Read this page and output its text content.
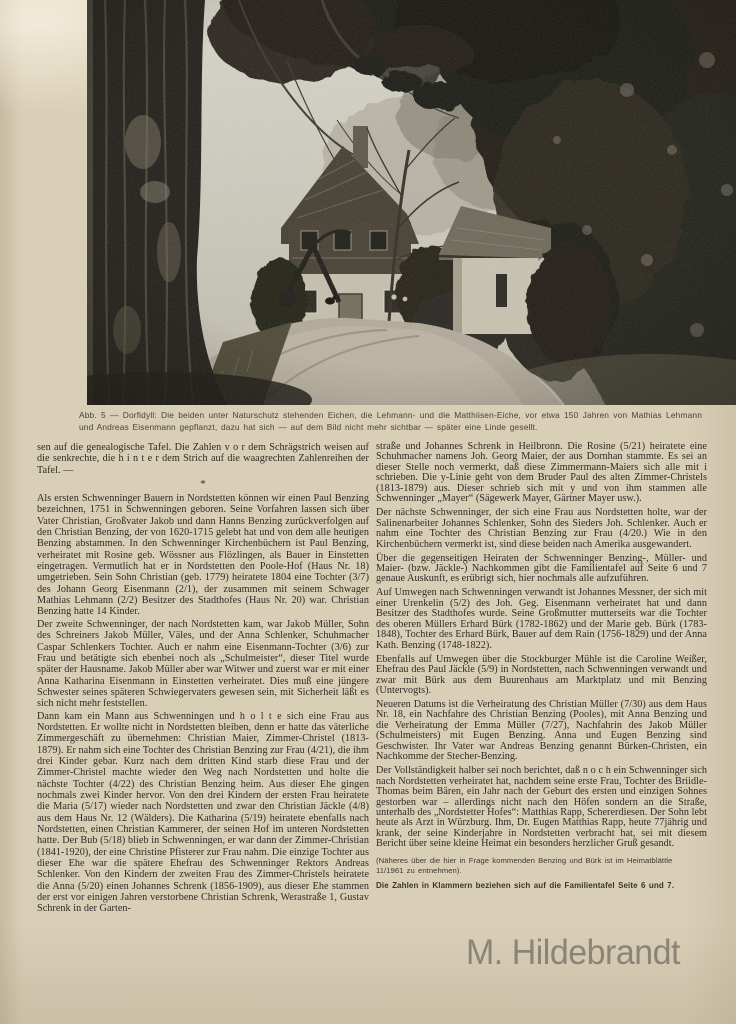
Abb. 5 — Dorfidyll: Die beiden unter Naturschutz stehenden Eichen, die Lehmann- und die Matthiisen-Eiche, vor etwa 150 Jahren von Mathias Lehmann und Andreas Eisenmann gepflanzt, dazu hat sich — auf dem Bild nicht mehr sichtbar — später eine Linde gesellt.

sen auf die genealogische Tafel. Die Zahlen v o r dem Schrägstrich weisen auf die senkrechte, die h i n t e r dem Strich auf die waagrechten Zahlenreihen der Tafel. —

*

Als ersten Schwenninger Bauern in Nordstetten können wir einen Paul Benzing bezeichnen, 1751 in Schwenningen geboren. Seine Vorfahren lassen sich über Vater Christian, Großvater Jakob und dann Hanns Benzing zurückverfolgen auf den Christian Benzing, der von 1620-1715 gelebt hat und von dem alle heutigen Benzing abstammen. In den Schwenninger Kirchenbüchern ist Paul Benzing, verheiratet mit Rosine geb. Wössner aus Flözlingen, als Bauer in Einstetten eingetragen. Vermutlich hat er in Nordstetten den Poole-Hof (Haus Nr. 18) umgetrieben. Sein Sohn Christian (geb. 1779) heiratete 1804 eine Tochter (3/7) des Johann Georg Eisenmann (2/1), der zusammen mit seinem Schwager Mathias Lehmann (2/2) Besitzer des Stadthofes (Haus Nr. 20) war. Christian Benzing hatte 14 Kinder.

Der zweite Schwenninger, der nach Nordstetten kam, war Jakob Müller, Sohn des Schreiners Jakob Müller, Väles, und der Anna Schlenker, Schuhmacher Caspar Schlenkers Tochter. Auch er nahm eine Eisenmann-Tochter (3/6) zur Frau und betätigte sich ebenbei noch als „Schulmeister“, dieser Titel wurde später der Hausname. Jakob Müller aber war Witwer und zuerst war er mit einer Anna Katharina Eisenmann in Einstetten verheiratet. Dies muß eine jüngere Schwester seines späteren Schwiegervaters gewesen sein, mit Sicherheit läßt es sich nicht mehr feststellen.

Dann kam ein Mann aus Schwenningen und h o l t e sich eine Frau aus Nordstetten. Er wollte nicht in Nordstetten bleiben, denn er hatte das väterliche Zimmergeschäft zu übernehmen: Christian Maier, Zimmer-Christel (1813-1879). Er nahm sich eine Tochter des Christian Benzing zur Frau (4/21), die ihm drei Kinder gebar. Kurz nach dem dritten Kind starb diese Frau und der Zimmer-Christel machte wieder den Weg nach Nordstetten und holte die nächste Tochter (4/22) des Christian Benzing heim. Aus dieser Ehe gingen nochmals zwei Kinder hervor. Von den drei Kindern der ersten Frau heiratete die Maria (5/17) wieder nach Nordstetten und zwar den Christian Jäckle (4/8) aus dem Haus Nr. 12 (Wälders). Die Katharina (5/19) heiratete ebenfalls nach Nordstetten, einen Christian Kammerer, der seinen Hof im unteren Nordstetten hatte. Der Bub (5/18) blieb in Schwenningen, er war dann der Zimmer-Christian (1841-1920), der eine Christine Pfisterer zur Frau nahm. Die einzige Tochter aus dieser Ehe war die spätere Ehefrau des Schwenninger Rektors Andreas Schlenker. Von den Kindern der zweiten Frau des Zimmer-Christels heiratete die Anna (5/20) einen Johannes Schrenk (1856-1909), aus dieser Ehe stammen der erst vor einigen Jahren verstorbene Christian Schrenk, Werastraße 1, Gustav Schrenk in der Garten-

straße und Johannes Schrenk in Heilbronn. Die Rosine (5/21) heiratete eine Schuhmacher namens Joh. Georg Maier, der aus Dornhan stammte. Es sei an dieser Stelle noch vermerkt, daß diese Zimmermann-Maiers sich alle mit i schrieben. Die y-Linie geht von dem Bruder Paul des alten Zimmer-Christels (1813-1879) aus. Dieser schrieb sich mit y und von ihm stammen alle Schwenninger „Mayer“ (Sägewerk Mayer, Gärtner Mayer usw.).

Der nächste Schwenninger, der sich eine Frau aus Nordstetten holte, war der Salinenarbeiter Johannes Schlenker, Sohn des Sieders Joh. Schlenker. Auch er nahm eine Tochter des Christian Benzing zur Frau (4/20.) Wie in den Kirchenbüchern vermerkt ist, sind diese beiden nach Amerika ausgewandert.

Über die gegenseitigen Heiraten der Schwenninger Benzing-, Müller- und Maier- (bzw. Jäckle-) Nachkommen gibt die Familientafel auf Seite 6 und 7 genaue Auskunft, es erübrigt sich, hier nochmals alle aufzuführen.

Auf Umwegen nach Schwenningen verwandt ist Johannes Messner, der sich mit einer Urenkelin (5/2) des Joh. Geg. Eisenmann verheiratet hat und dann Besitzer des Stadthofes wurde. Seine Großmutter mutterseits war die Tochter des oberen Müllers Erhard Bürk (1782-1862) und der Marie geb. Bürk (1783-1848), Tochter des Erhard Bürk, Bauer auf dem Rain (1756-1829) und der Anna Kath. Benzing (1748-1822).

Ebenfalls auf Umwegen über die Stockburger Mühle ist die Caroline Weißer, Ehefrau des Paul Jäckle (5/9) in Nordstetten, nach Schwenningen verwandt und zwar mit Bürk aus dem Buurenhaus am Marktplatz und mit Benzing (Untervogts).

Neueren Datums ist die Verheiratung des Christian Müller (7/30) aus dem Haus Nr. 18, ein Nachfahre des Christian Benzing (Pooles), mit Anna Benzing und die Verheiratung der Emma Müller (7/27), Nachfahrin des Jakob Müller (Schulmeisters) mit Eugen Benzing. Anna und Eugen Benzing sind Geschwister. Ihr Vater war Andreas Benzing genannt Bürken-Christen, ein Nachkomme der Stecher-Benzing.

Der Vollständigkeit halber sei noch berichtet, daß n o c h ein Schwenninger sich nach Nordstetten verheiratet hat, nachdem seine erste Frau, Tochter des Briidle-Thomas beim Bären, ein Jahr nach der Geburt des ersten und einzigen Sohnes gestorben war – allerdings nicht nach den Höfen sondern an die Straße, unterhalb des „Nordstetter Hofes“: Matthias Rapp, Schererdiesen. Der Sohn lebt heute als Arzt in Würzburg. Ihm, Dr. Eugen Matthias Rapp, heute 77jährig und krank, der seine Kinderjahre in Nordstetten verbracht hat, sei mit diesem Bericht über seine kleine Heimat ein besonders herzlicher Gruß gesandt.

(Näheres über die hier in Frage kommenden Benzing und Bürk ist im Heimatblättle 11/1961 zu entnehmen).
Die Zahlen in Klammern beziehen sich auf die Familientafel Seite 6 und 7.
M. Hildebrandt
